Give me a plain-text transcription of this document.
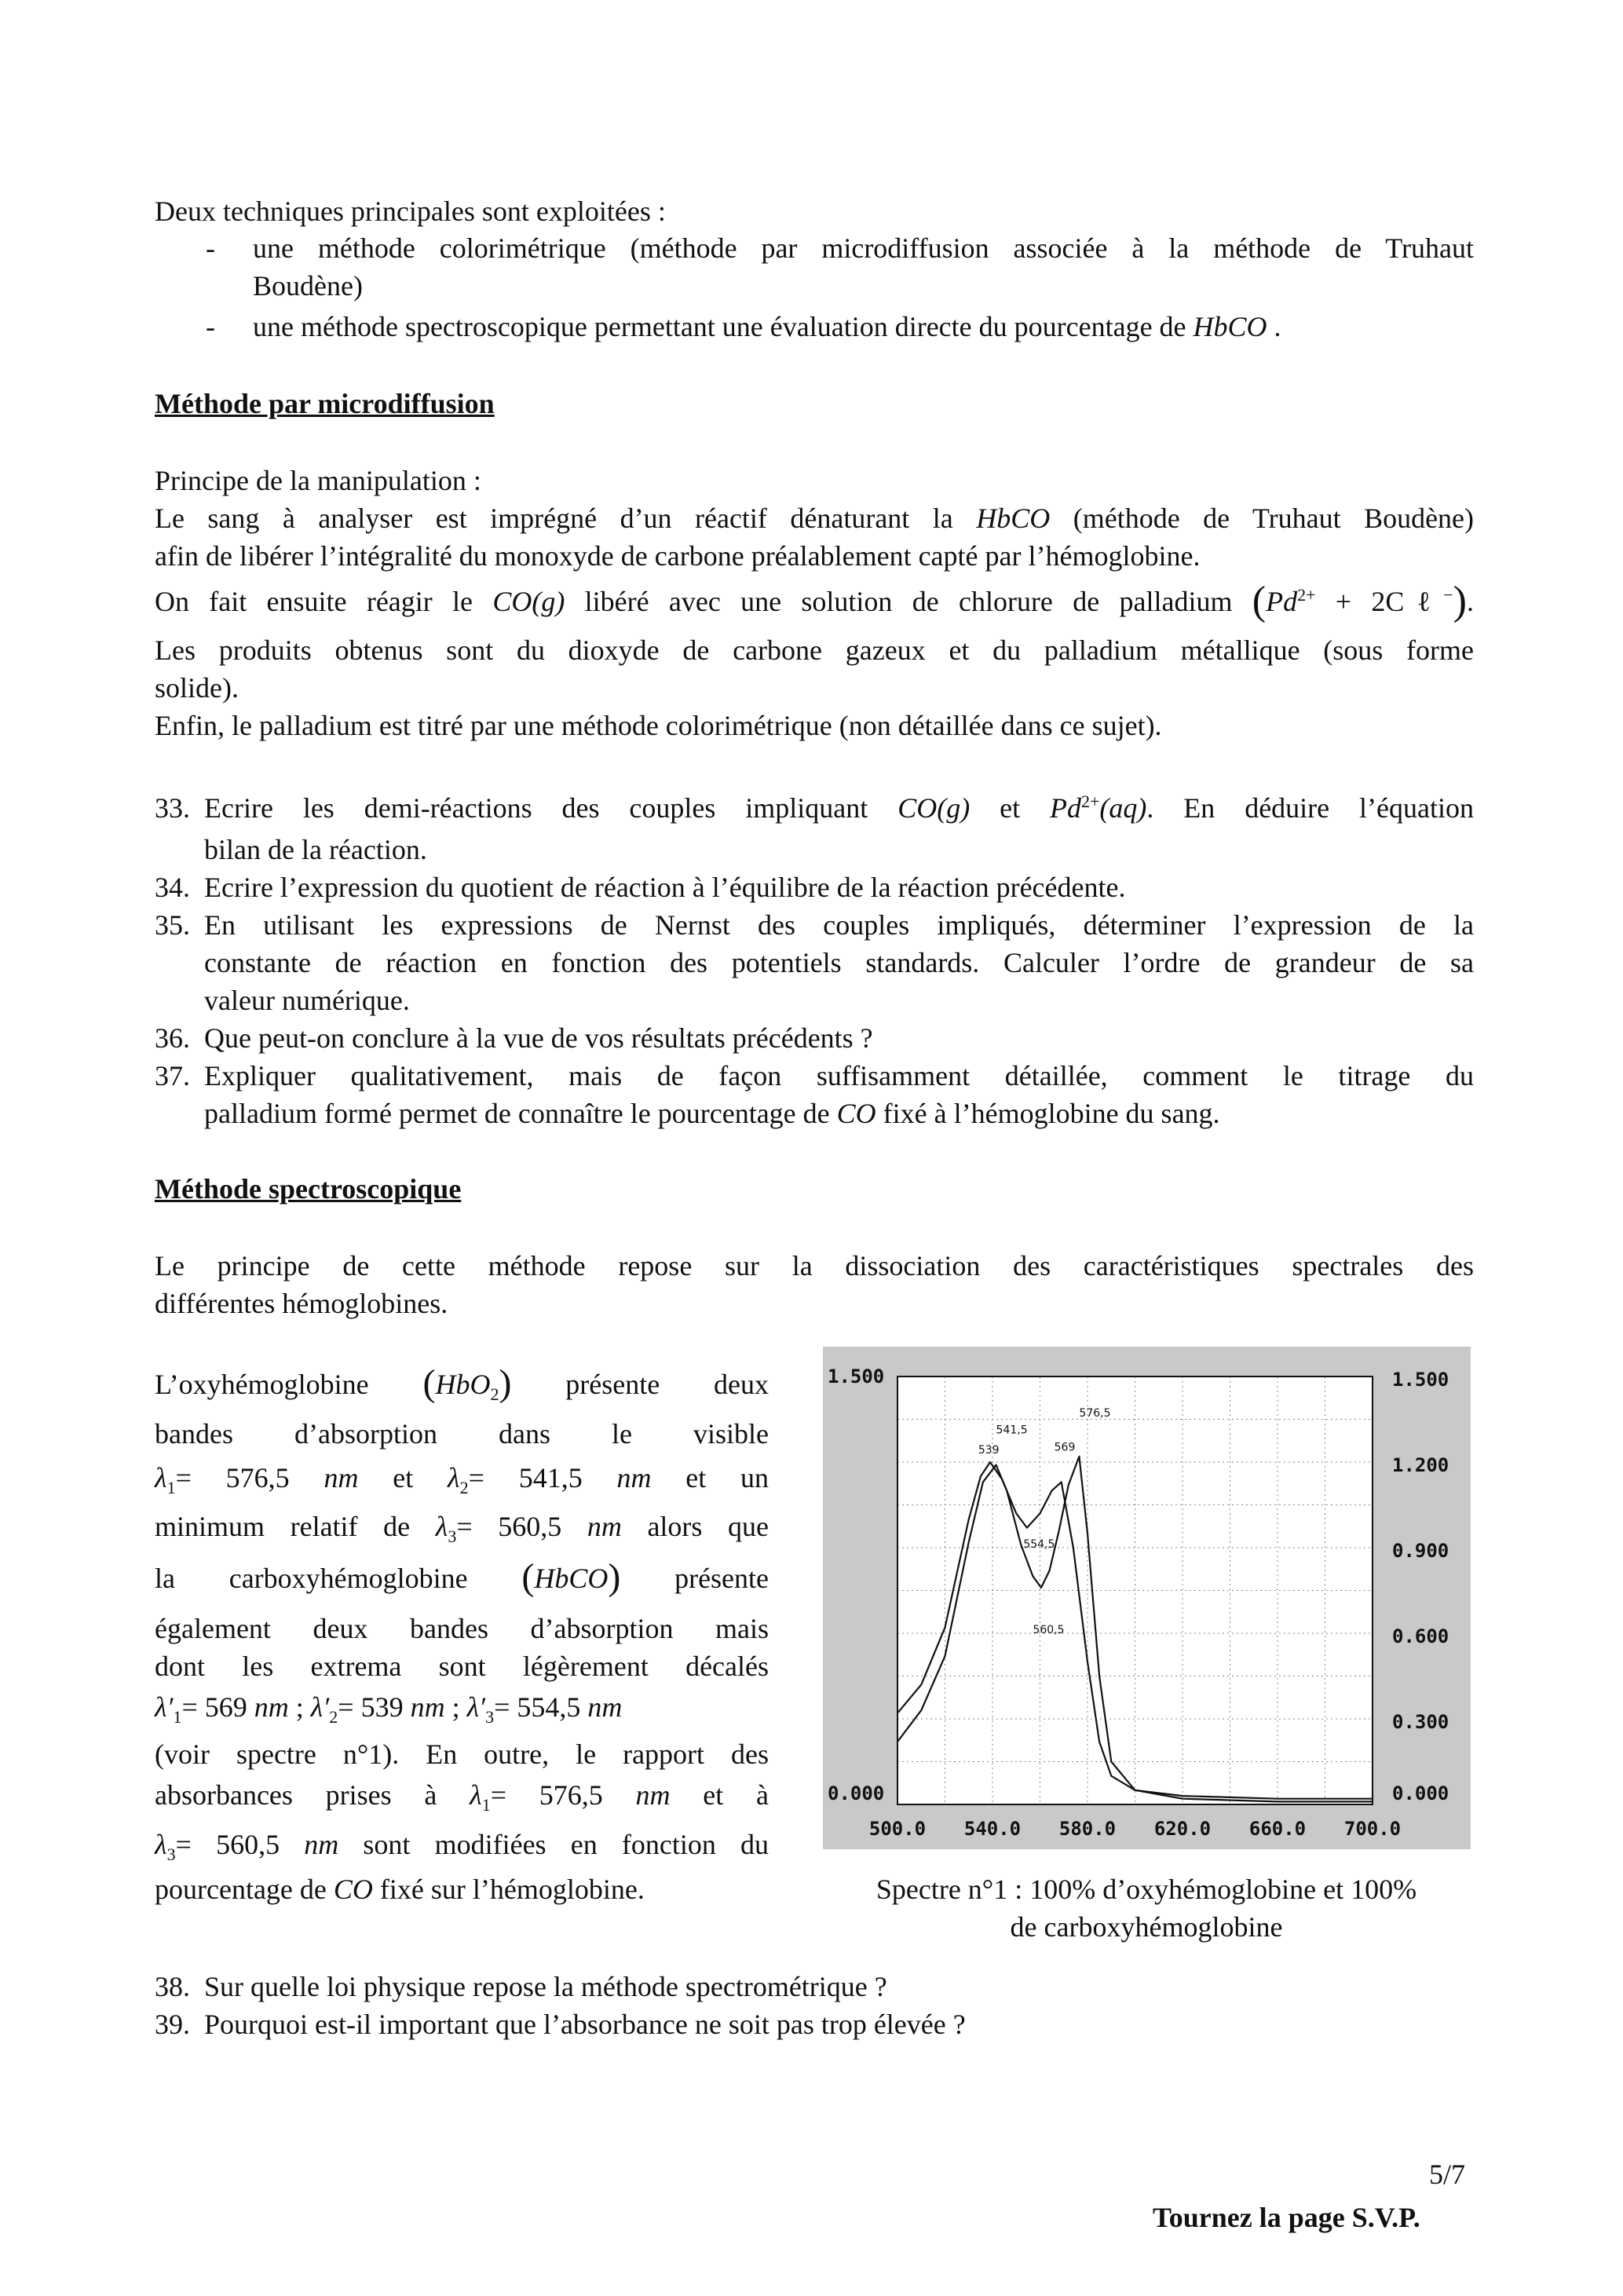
Deux techniques principales sont exploitées :
- une méthode colorimétrique (méthode par microdiffusion associée à la méthode de Truhaut
Boudène)
- une méthode spectroscopique permettant une évaluation directe du pourcentage de HbCO .
Méthode par microdiffusion
Principe de la manipulation :
Le sang à analyser est imprégné d’un réactif dénaturant la HbCO (méthode de Truhaut Boudène)
afin de libérer l’intégralité du monoxyde de carbone préalablement capté par l’hémoglobine.
On fait ensuite réagir le CO(g) libéré avec une solution de chlorure de palladium ($Pd^{2+}$ + 2Cℓ−).
Les produits obtenus sont du dioxyde de carbone gazeux et du palladium métallique (sous forme
solide).
Enfin, le palladium est titré par une méthode colorimétrique (non détaillée dans ce sujet).
33. Ecrire les demi-réactions des couples impliquant CO(g) et $Pd^{2+}(aq)$. En déduire l’équation
bilan de la réaction.
34. Ecrire l’expression du quotient de réaction à l’équilibre de la réaction précédente.
35. En utilisant les expressions de Nernst des couples impliqués, déterminer l’expression de la
constante de réaction en fonction des potentiels standards. Calculer l’ordre de grandeur de sa
valeur numérique.
36. Que peut-on conclure à la vue de vos résultats précédents ?
37. Expliquer qualitativement, mais de façon suffisamment détaillée, comment le titrage du
palladium formé permet de connaître le pourcentage de CO fixé à l’hémoglobine du sang.
Méthode spectroscopique
Le principe de cette méthode repose sur la dissociation des caractéristiques spectrales des
différentes hémoglobines.
L’oxyhémoglobine (HbO$_2$) présente deux
bandes d’absorption dans le visible
$\lambda_1= 576,5$ nm et $\lambda_2= 541,5$ nm et un
minimum relatif de $\lambda_3= 560,5$ nm alors que
la carboxyhémoglobine (HbCO) présente
également deux bandes d’absorption mais
dont les extrema sont légèrement décalés
$\lambda'_1= 569$ nm ; $\lambda'_2= 539$ nm ; $\lambda'_3= 554,5$ nm
(voir spectre n°1). En outre, le rapport des
absorbances prises à $\lambda_1= 576,5$ nm et à
$\lambda_3= 560,5$ nm sont modifiées en fonction du
pourcentage de CO fixé sur l’hémoglobine.
500.0 540.0 580.0 620.0 660.0 700.0
1.500
0.000
1.500
1.200
0.900
0.600
0.300
0.000
541,5
539
576,5
569
554,5
560,5
Spectre n°1 : 100% d’oxyhémoglobine et 100%
de carboxyhémoglobine
38. Sur quelle loi physique repose la méthode spectrométrique ?
39. Pourquoi est-il important que l’absorbance ne soit pas trop élevée ?
5/7
Tournez la page S.V.P.
